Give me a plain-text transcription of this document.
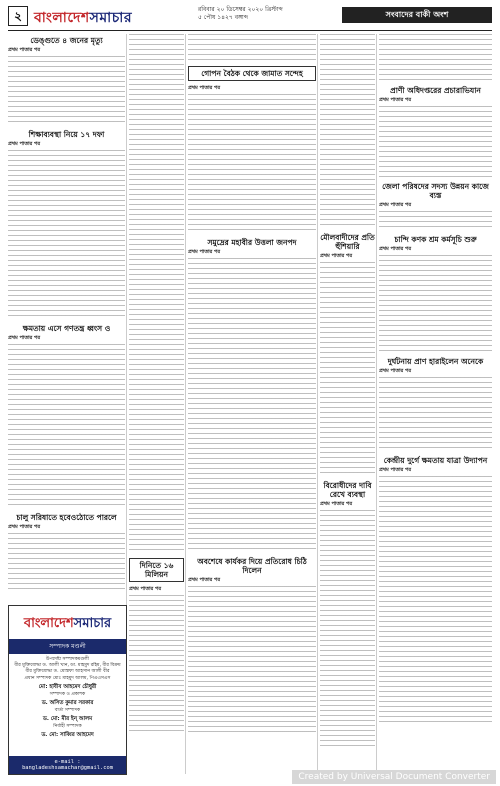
২ বাংলাদেশসমাচার
রবিবার ২০ ডিসেম্বর ২০২০ খ্রিস্টাব্দ
৫ পৌষ ১৪২৭ বঙ্গাব্দ	সংবাদের বাকী অংশ
ডেঙ্গুতে ৪ জনের মৃত্যু
প্রথম পাতার পর
শিক্ষাব্যবস্থা নিয়ে ১৭ দফা
প্রথম পাতার পর
ক্ষমতায় এসে গণতন্ত্র ধ্বংস ও
প্রথম পাতার পর
চালু সরিষাতে হবেওঠোতে পারলে
প্রথম পাতার পর
বাংলাদেশসমাচার
সম্পাদক মণ্ডলী
উপদেষ্টা সম্পাদকমণ্ডলী
বীর মুক্তিযোদ্ধা ড. আলী খান, ডা. মাহমুদ রহিম, বীর বিক্রম
বীর মুক্তিযোদ্ধা ড. মোস্তফা আহসান আলী বীর
প্রধান সম্পাদক মোঃ মাহমুদ আলম, পিএএসএস
মো: হাবীব আহমেদ চৌধুরী
সম্পাদক ও প্রকাশক
ড. অসিত কুমার সরকার
বার্তা সম্পাদক
ড. মো: মীর ইন্ আলম
নির্বাহী সম্পাদক
ড. মো: সাব্বির আহমেদ
e-mail : bangladeshsamachar@gmail.com
দিনিতে ১৬ মিলিয়ন
প্রথম পাতার পর
গোপন বৈঠক থেকে জামাত সন্দেহ
প্রথম পাতার পর
সমুদ্রের মহাবীর উত্তলা জনপদ
প্রথম পাতার পর
অবশেষে কার্যকর দিয়ে প্রতিরোধ চিঠি দিলেন
প্রথম পাতার পর
মৌলবাদীদের প্রতি হুঁশিয়ারি
প্রথম পাতার পর
বিরোধীদের দাবি রেখে ব্যবস্থা
প্রথম পাতার পর
প্রাণী অধিদপ্তরের প্রচারাভিযান
প্রথম পাতার পর
জেলা পরিষদের সদস্য উন্নয়ন কাজে ব্যস্ত
প্রথম পাতার পর
চান্দি কণক শ্রম কর্মসূচি শুরু
প্রথম পাতার পর
দুর্ঘটনায় প্রাণ হারাইলেন অনেকে
প্রথম পাতার পর
কেন্দ্রীয় দুর্গে ক্ষমতায় যাত্রা উদ্যাপন
প্রথম পাতার পর
Created by Universal Document Converter
